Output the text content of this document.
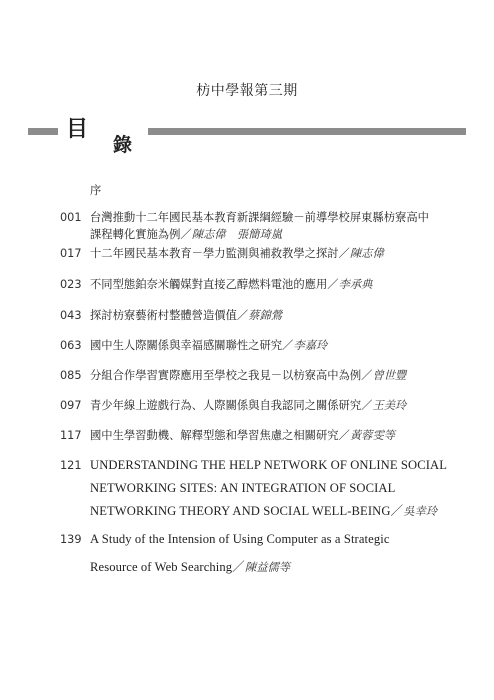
枋中學報第三期
目
錄
序
001 台灣推動十二年國民基本教育新課綱經驗－前導學校屏東縣枋寮高中
課程轉化實施為例／陳志偉　張簡琦嵐
017 十二年國民基本教育－學力監測與補救教學之探討／陳志偉
023 不同型態鉑奈米觸媒對直接乙醇燃料電池的應用／李承典
043 探討枋寮藝術村整體營造價值／蔡錦鶯
063 國中生人際關係與幸福感關聯性之研究／李嘉玲
085 分組合作學習實際應用至學校之我見－以枋寮高中為例／曾世豐
097 青少年線上遊戲行為、人際關係與自我認同之關係研究／王美玲
117 國中生學習動機、解釋型態和學習焦慮之相關研究／黃蓉雯等
121 UNDERSTANDING THE HELP NETWORK OF ONLINE SOCIAL
NETWORKING SITES: AN INTEGRATION OF SOCIAL
NETWORKING THEORY AND SOCIAL WELL-BEING／吳幸玲
139 A Study of the Intension of Using Computer as a Strategic
Resource of Web Searching／陳益儒等
